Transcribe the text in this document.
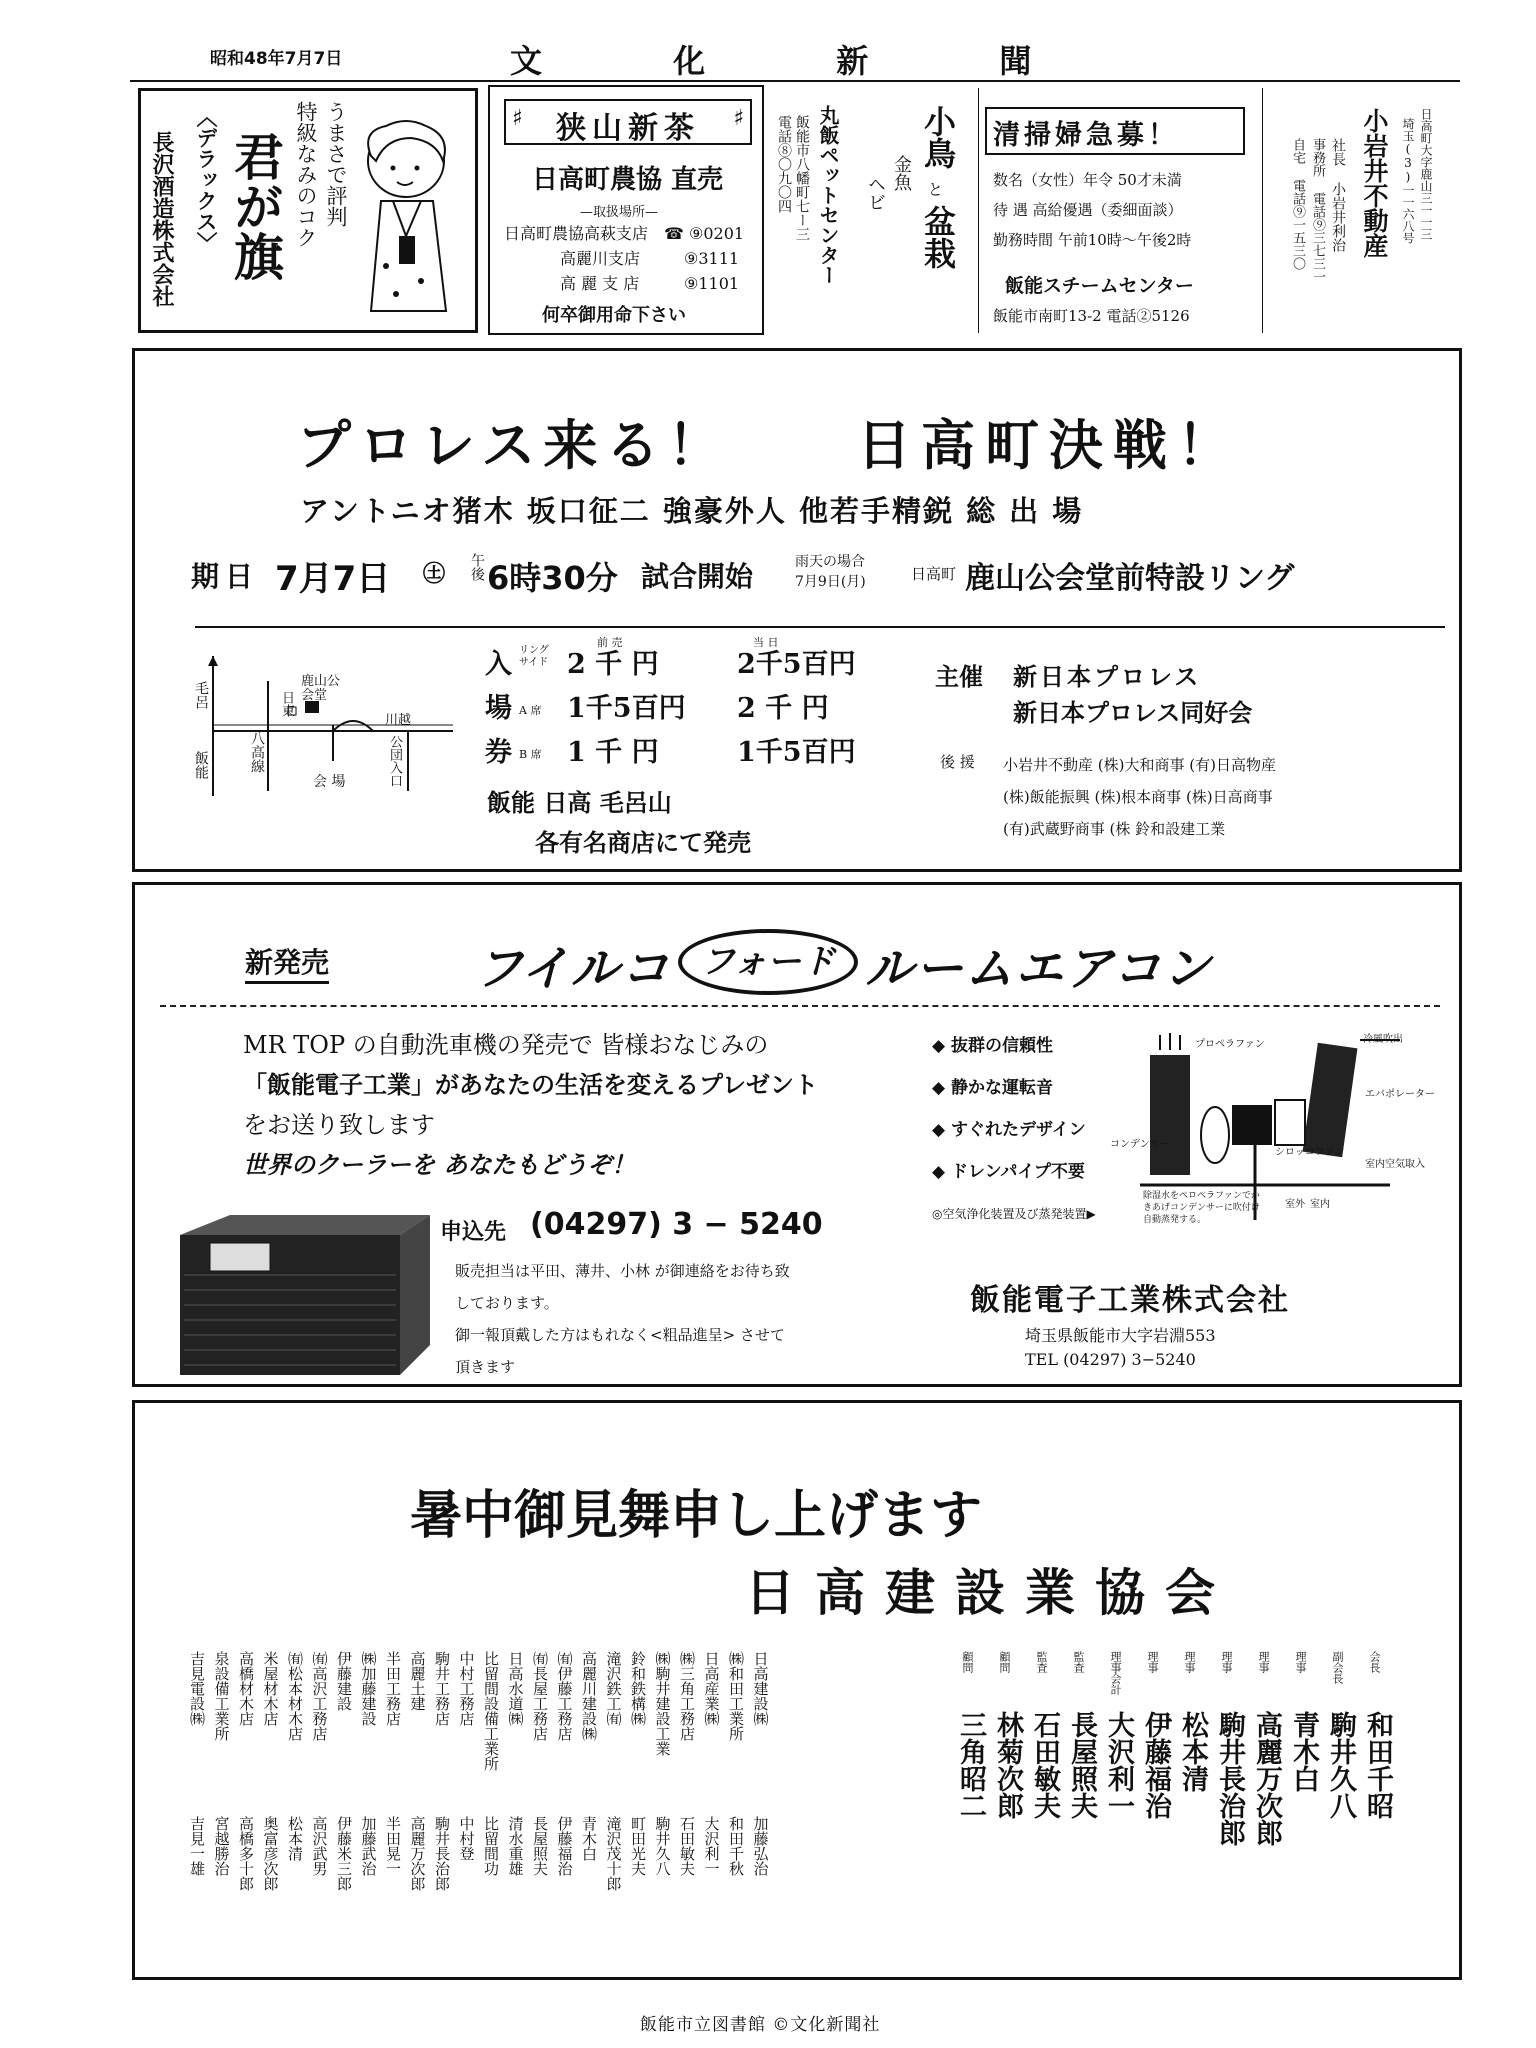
昭和48年7月7日	文 化 新 聞
長沢酒造株式会社 〈デラックス〉 君が旗 特級なみのコク うまさで評判	♯ 狭山新茶 ♯
日高町農協 直売
—取扱場所—
日高町農協高萩支店 ☎ ⑨0201
高麗川支店	⑨3111
高 麗 支 店	⑨1101
何卒御用命下さい
小鳥
と
盆栽
金魚
ヘビ
丸飯ペットセンター
飯能市八幡町七ー三
電話⑧〇九〇四	清掃婦急募！
数名（女性）年令 50才未満
待 遇 高給優遇（委細面談）
勤務時間 午前10時～午後2時
飯能スチームセンター
飯能市南町13-2 電話②5126
小岩井不動産	日高町大字鹿山三一一三
埼玉(3)一一六八号
社長 小岩井利治
事務所 電話⑨三七三一
自宅 電話⑨一五三〇
プロレス来る！ 日高町決戦！
アントニオ猪木 坂口征二 強豪外人 他若手精鋭 総 出 場
期日 7月7日 ㊏ 午後 6時30分 試合開始	雨天の場合
7月9日(月)	日高町 鹿山公会堂前特設リング
毛呂
飯能	八高線
日東
鹿山公会堂
会 場
川越
公団入口
前 売	当 日
入 リングサイド 2 千 円	2千5百円
場 A 席 1千5百円 2 千 円
券 B 席 1 千 円	1千5百円
飯能 日高 毛呂山
各有名商店にて発売
主催 新日本プロレス
新日本プロレス同好会
後 援 小岩井不動産 (株)大和商事 (有)日高物産
(株)飯能振興 (株)根本商事 (株)日高商事
(有)武蔵野商事 (株 鈴和設建工業
新発売	フイルコ フォード ルームエアコン
MR TOP の自動洗車機の発売で 皆様おなじみの
「飯能電子工業」があなたの生活を変えるプレゼント
をお送り致します
世界のクーラーを あなたもどうぞ！
◆ 抜群の信頼性
◆ 静かな運転音
◆ すぐれたデザイン
◆ ドレンパイプ不要
◎空気浄化装置及び蒸発装置▶
プロペラファン
コンデンサー
冷風吹出
シロッコファン
エバポレーター
室内空気取入
除湿水をペロペラファンでかきあげコンデンサーに吹付け自動蒸発する。
室外 室内
申込先 (04297) 3 − 5240
販売担当は平田、薄井、小林 が御連絡をお待ち致
しております。
御一報頂戴した方はもれなく<粗品進呈> させて
頂きます
飯能電子工業株式会社
埼玉県飯能市大字岩淵553
TEL (04297) 3−5240
暑中御見舞申し上げます
日高建設業協会
日高建設㈱
加藤弘治
㈱和田工業所
和田千秋
日高産業㈱
大沢利一
㈱三角工務店
石田敏夫
㈱駒井建設工業
駒井久八
鈴和鉄構㈱
町田光夫
滝沢鉄工㈲
滝沢茂十郎
高麗川建設㈱
青木白
㈲伊藤工務店
伊藤福治
㈲長屋工務店
長屋照夫
日高水道㈱
清水重雄
比留間設備工業所
比留間功
中村工務店
中村登
駒井工務店
駒井長治郎
高麗土建
高麗万次郎
半田工務店
半田晃一
㈱加藤建設
加藤武治
伊藤建設
伊藤米三郎
㈲高沢工務店
高沢武男
㈲松本材木店
松本清
米屋材木店
奥富彦次郎
高橋材木店
高橋多十郎
泉設備工業所
宮越勝治
吉見電設㈱
吉見一雄
会長
和田千昭
副会長
駒井久八
理事
青木白
理事
高麗万次郎
理事
駒井長治郎
理事
松本清
理事
伊藤福治
理事会計
大沢利一
監査
長屋照夫
監査
石田敏夫
顧問
林菊次郎
顧問
三角昭二
飯能市立図書館 ©文化新聞社
